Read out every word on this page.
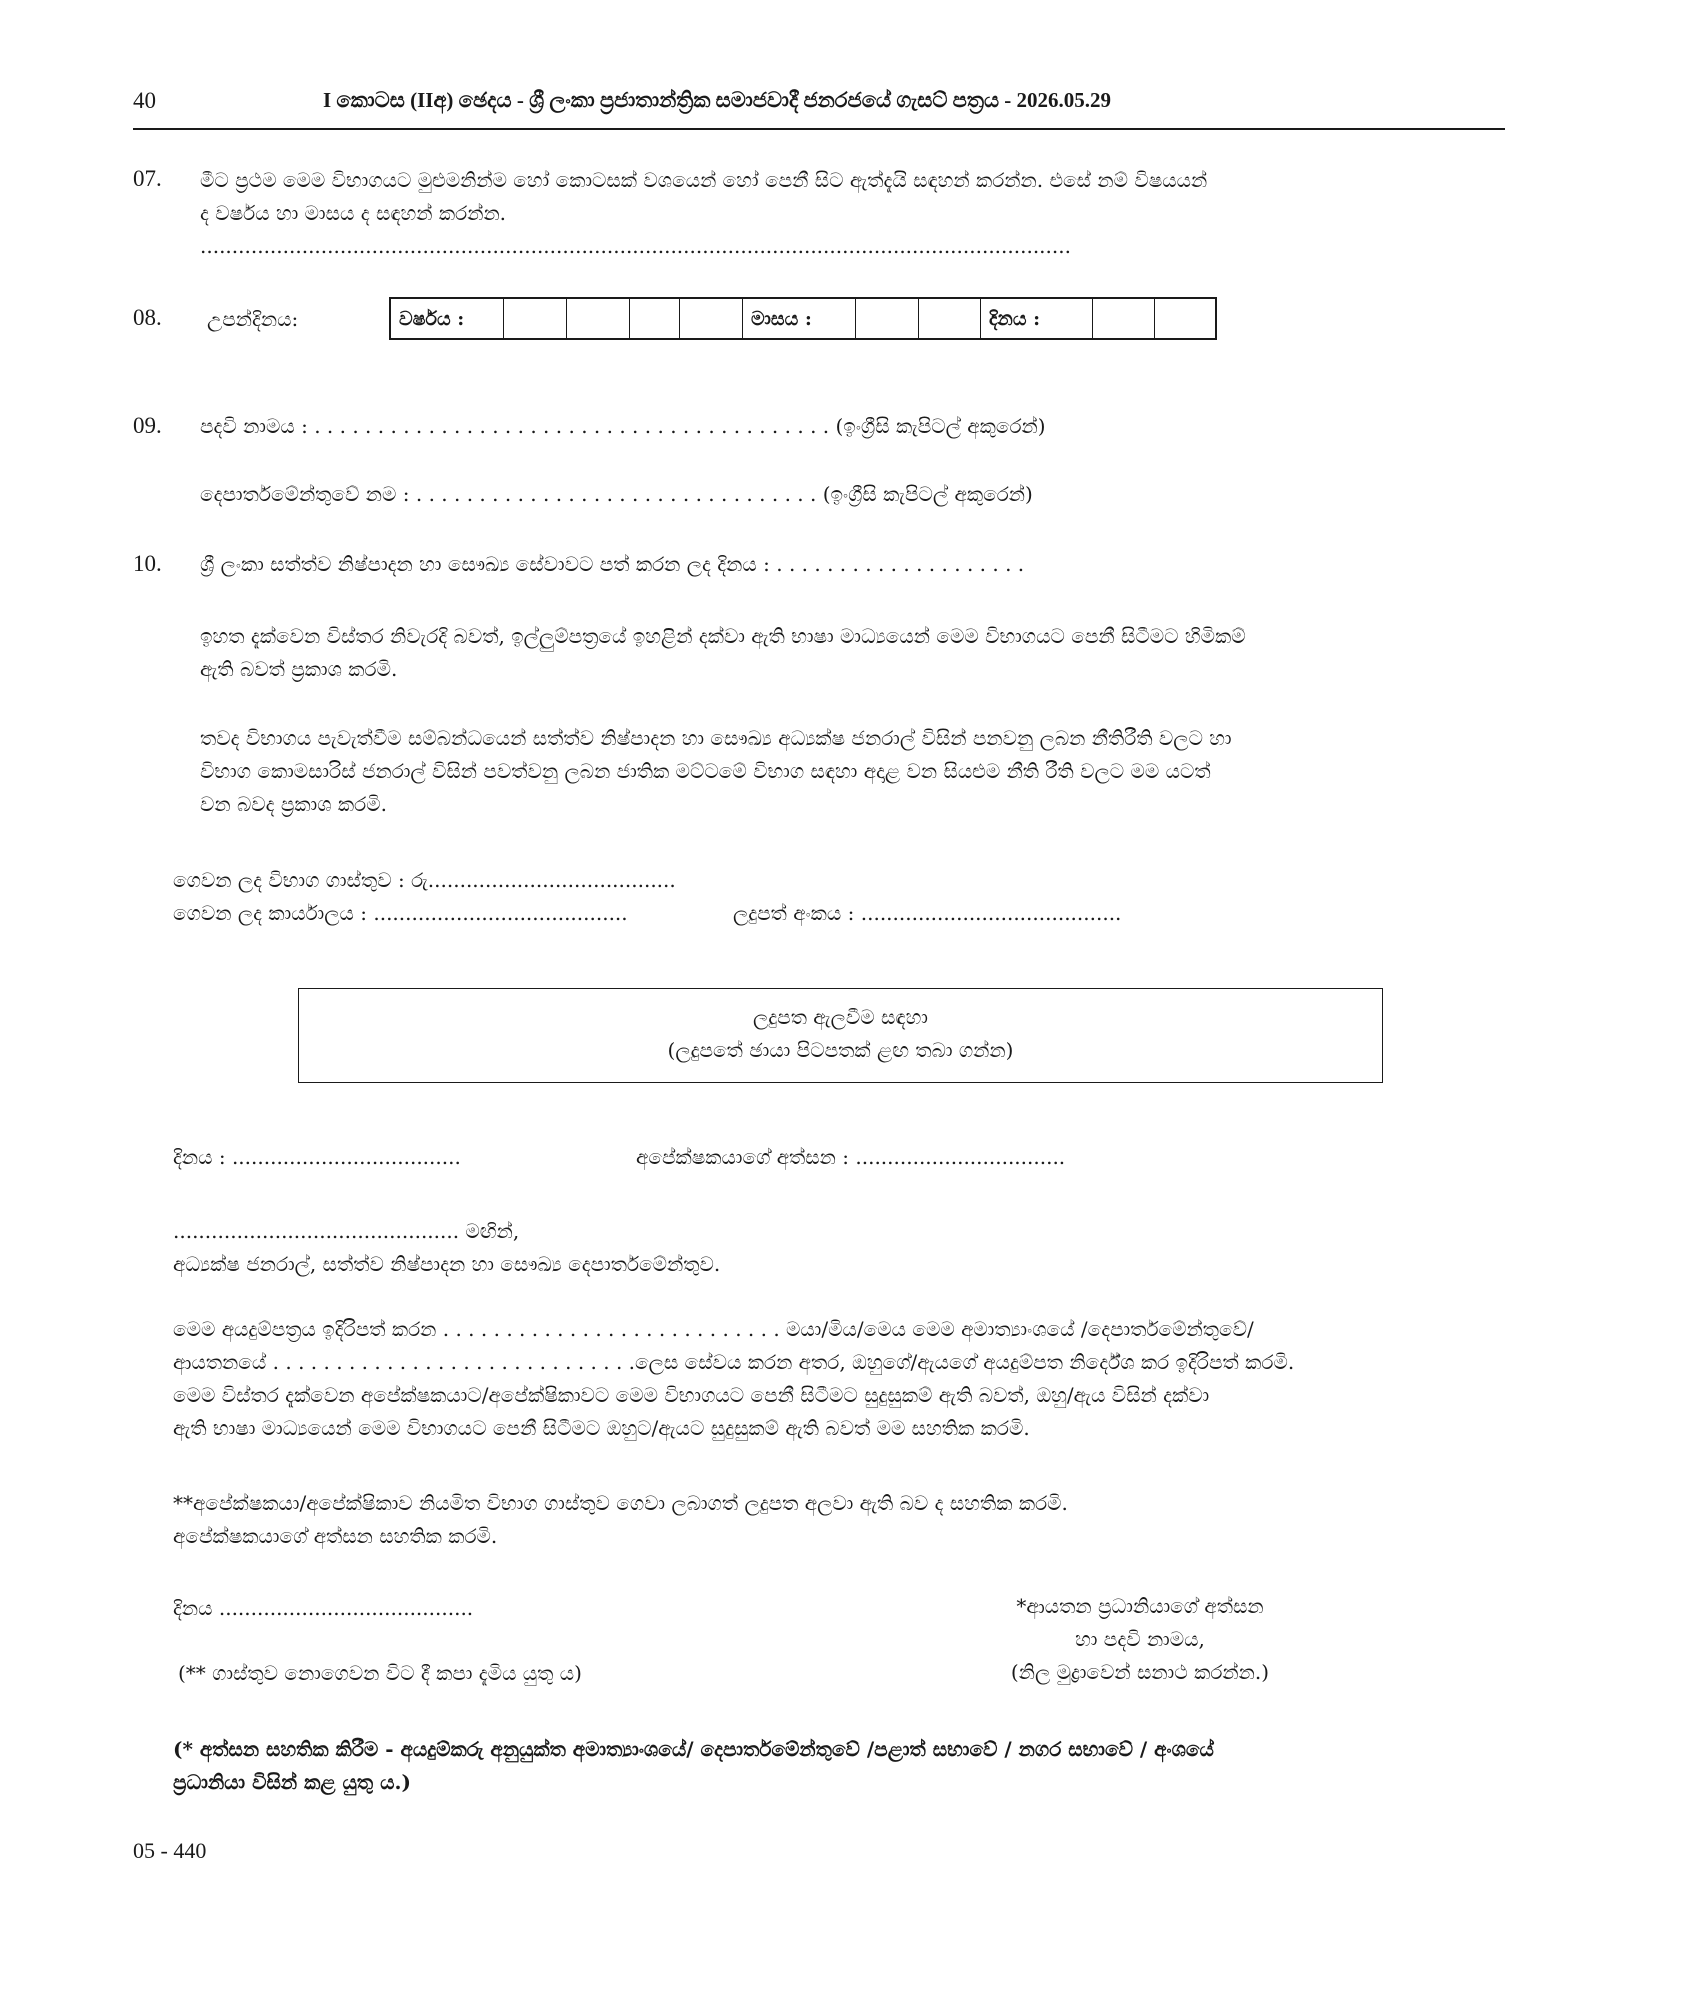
40	I කොටස (IIඅ) ඡෙදය - ශ්‍රී ලංකා ප්‍රජාතාන්ත්‍රික සමාජවාදී ජනරජයේ ගැසට් පත්‍රය - 2026.05.29
07. මීට ප්‍රථම මෙම විභාගයට මුළුමනින්ම හෝ කොටසක් වශයෙන් හෝ පෙනී සිට ඇත්දැයි සඳහන් කරන්න. එසේ නම් විෂයයන්
ද වර්ෂය හා මාසය ද සඳහන් කරන්න.
.........................................................................................................................................
08. උපන්දිනය:	වර්ෂය :	මාසය :	දිනය :
09. පදවි නාමය : . . . . . . . . . . . . . . . . . . . . . . . . . . . . . . . . . . . . . . . . . (ඉංග්‍රීසි කැපිටල් අකුරෙන්)
දෙපාර්තමේන්තුවේ නම : . . . . . . . . . . . . . . . . . . . . . . . . . . . . . . . . (ඉංග්‍රීසි කැපිටල් අකුරෙන්)
10. ශ්‍රී ලංකා සත්ත්ව නිෂ්පාදන හා සෞඛ්‍ය සේවාවට පත් කරන ලද දිනය : . . . . . . . . . . . . . . . . . . . .
ඉහත දැක්වෙන විස්තර නිවැරදි බවත්, ඉල්ලුම්පත්‍රයේ ඉහළින් දක්වා ඇති භාෂා මාධ්‍යයෙන් මෙම විභාගයට පෙනී සිටීමට හිමිකම්
ඇති බවත් ප්‍රකාශ කරමි.
තවද විභාගය පැවැත්වීම සම්බන්ධයෙන් සත්ත්ව නිෂ්පාදන හා සෞඛ්‍ය අධ්‍යක්ෂ ජනරාල් විසින් පනවනු ලබන නීතිරීති වලට හා
විභාග කොමසාරිස් ජනරාල් විසින් පවත්වනු ලබන ජාතික මට්ටමේ විභාග සඳහා අදාළ වන සියළුම නීති රීති වලට මම යටත්
වන බවද ප්‍රකාශ කරමි.
ගෙවන ලද විභාග ගාස්තුව : රු.......................................
ගෙවන ලද කාර්යාලය : ........................................	ලදුපත් අංකය : .........................................
ලදුපත ඇලවීම සඳහා
(ලදුපතේ ඡායා පිටපතක් ළඟ තබා ගන්න)
දිනය : ....................................	අපේක්ෂකයාගේ අත්සන : .................................
............................................. මඟින්,
අධ්‍යක්ෂ ජනරාල්, සත්ත්ව නිෂ්පාදන හා සෞඛ්‍ය දෙපාර්තමේන්තුව.
මෙම අයදුම්පත්‍රය ඉදිරිපත් කරන . . . . . . . . . . . . . . . . . . . . . . . . . . . මයා/මිය/මෙය මෙම අමාත්‍යාංශයේ /දෙපාර්තමේන්තුවේ/
ආයතනයේ . . . . . . . . . . . . . . . . . . . . . . . . . . . . .ලෙස සේවය කරන අතර, ඔහුගේ/ඇයගේ අයදුම්පත නිර්දේශ කර ඉදිරිපත් කරමි.
මෙම විස්තර දැක්වෙන අපේක්ෂකයාට/අපේක්ෂිකාවට මෙම විභාගයට පෙනී සිටීමට සුදුසුකම් ඇති බවත්, ඔහු/ඇය විසින් දක්වා
ඇති භාෂා මාධ්‍යයෙන් මෙම විභාගයට පෙනී සිටීමට ඔහුට/ඇයට සුදුසුකම් ඇති බවත් මම සහතික කරමි.
**අපේක්ෂකයා/අපේක්ෂිකාව නියමිත විභාග ගාස්තුව ගෙවා ලබාගත් ලදුපත අලවා ඇති බව ද සහතික කරමි.
අපේක්ෂකයාගේ අත්සන සහතික කරමි.
දිනය ........................................	*ආයතන ප්‍රධානියාගේ අත්සන
හා පදවි නාමය,
(නිල මුද්‍රාවෙන් සනාථ කරන්න.)
(** ගාස්තුව නොගෙවන විට දී කපා දැමිය යුතු ය)
(* අත්සන සහතික කිරීම - අයදුම්කරු අනුයුක්ත අමාත්‍යාංශයේ/ දෙපාර්තමේන්තුවේ /පළාත් සභාවේ / නගර සභාවේ / අංශයේ
ප්‍රධානියා විසින් කළ යුතු ය.)
05 - 440
